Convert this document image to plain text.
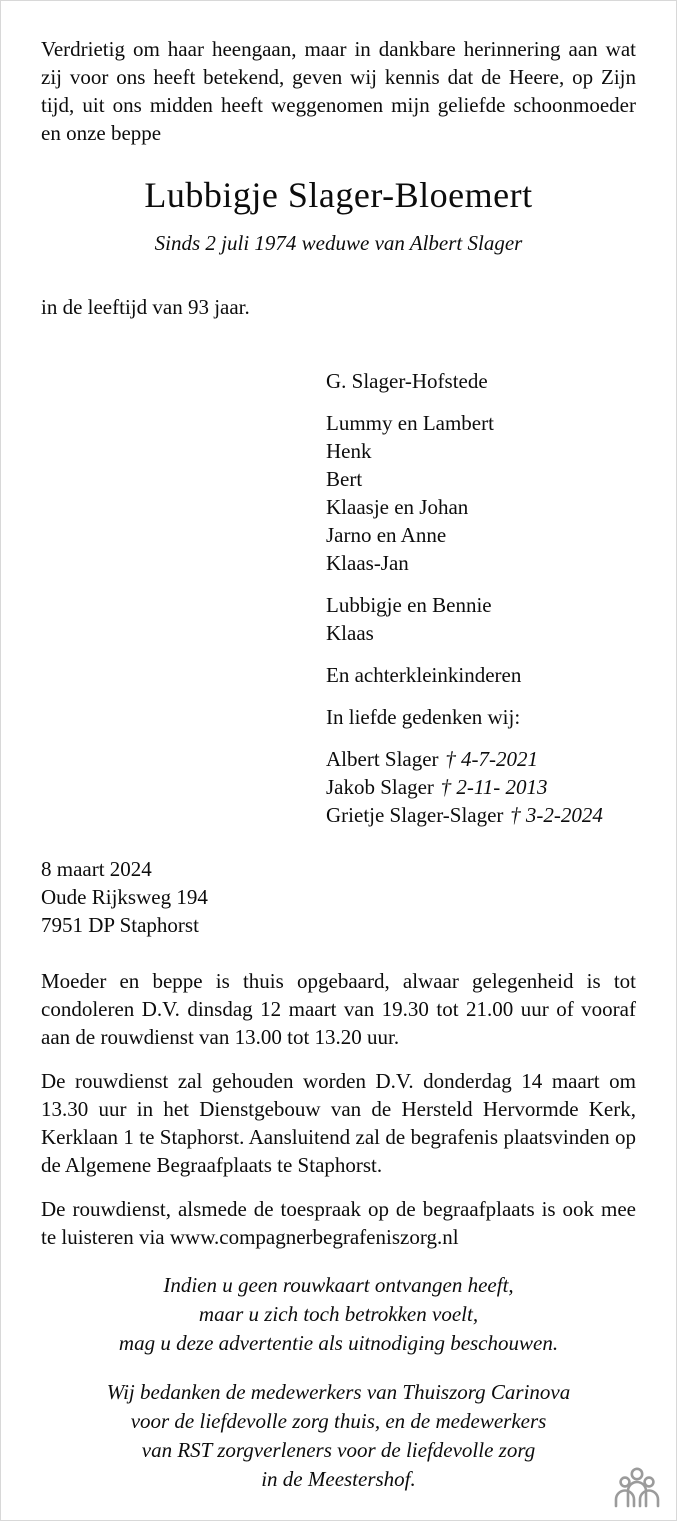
Verdrietig om haar heengaan, maar in dankbare herinnering aan wat zij voor ons heeft betekend, geven wij kennis dat de Heere, op Zijn tijd, uit ons midden heeft weggenomen mijn geliefde schoonmoeder en onze beppe

Lubbigje Slager-Bloemert

Sinds 2 juli 1974 weduwe van Albert Slager

in de leeftijd van 93 jaar.

G. Slager-Hofstede
Lummy en Lambert
Henk
Bert
Klaasje en Johan
Jarno en Anne
Klaas-Jan
Lubbigje en Bennie
Klaas
En achterkleinkinderen
In liefde gedenken wij:
Albert Slager † 4-7-2021
Jakob Slager † 2-11- 2013
Grietje Slager-Slager † 3-2-2024
8 maart 2024
Oude Rijksweg 194
7951 DP Staphorst

Moeder en beppe is thuis opgebaard, alwaar gelegenheid is tot condoleren D.V. dinsdag 12 maart van 19.30 tot 21.00 uur of vooraf aan de rouwdienst van 13.00 tot 13.20 uur.

De rouwdienst zal gehouden worden D.V. donderdag 14 maart om 13.30 uur in het Dienstgebouw van de Hersteld Hervormde Kerk, Kerklaan 1 te Staphorst. Aansluitend zal de begrafenis plaatsvinden op de Algemene Begraafplaats te Staphorst.

De rouwdienst, alsmede de toespraak op de begraafplaats is ook mee te luisteren via www.compagnerbegrafeniszorg.nl

Indien u geen rouwkaart ontvangen heeft,
maar u zich toch betrokken voelt,
mag u deze advertentie als uitnodiging beschouwen.
Wij bedanken de medewerkers van Thuiszorg Carinova
voor de liefdevolle zorg thuis, en de medewerkers
van RST zorgverleners voor de liefdevolle zorg
in de Meestershof.
